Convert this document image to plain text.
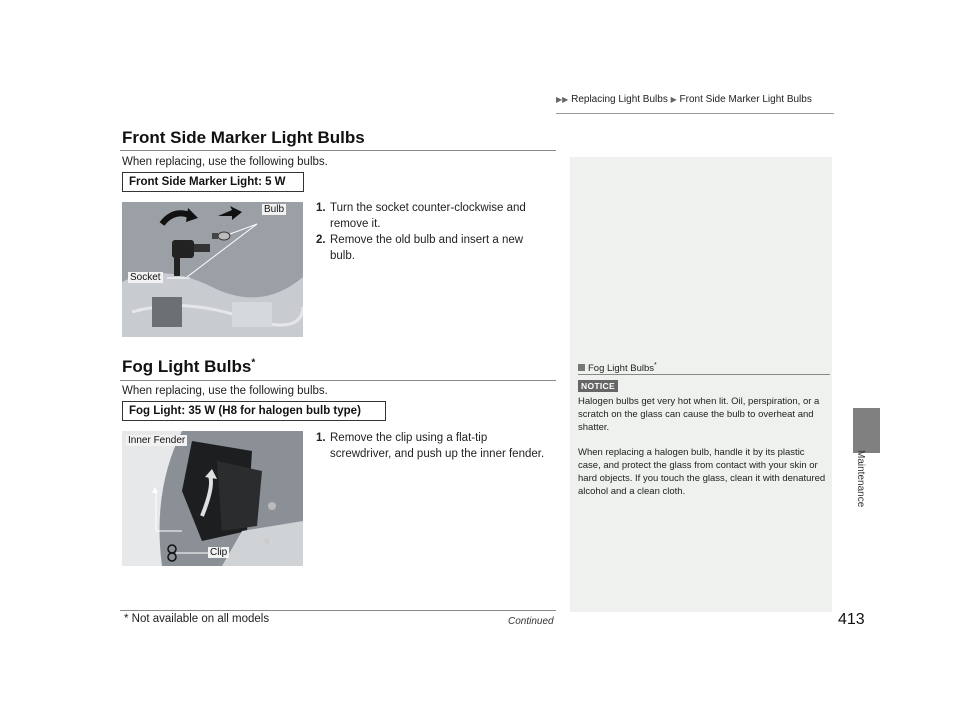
▶▶ Replacing Light Bulbs ▶ Front Side Marker Light Bulbs
Front Side Marker Light Bulbs
When replacing, use the following bulbs.
Front Side Marker Light: 5 W
Bulb
Socket
1. Turn the socket counter-clockwise and remove it.
2. Remove the old bulb and insert a new bulb.
Fog Light Bulbs*
When replacing, use the following bulbs.
Fog Light: 35 W (H8 for halogen bulb type)
Inner Fender
Clip
1. Remove the clip using a flat-tip screwdriver, and push up the inner fender.
Fog Light Bulbs*
NOTICE
Halogen bulbs get very hot when lit. Oil, perspiration, or a scratch on the glass can cause the bulb to overheat and shatter.
When replacing a halogen bulb, handle it by its plastic case, and protect the glass from contact with your skin or hard objects. If you touch the glass, clean it with denatured alcohol and a clean cloth.	Maintenance
* Not available on all models	Continued	413
